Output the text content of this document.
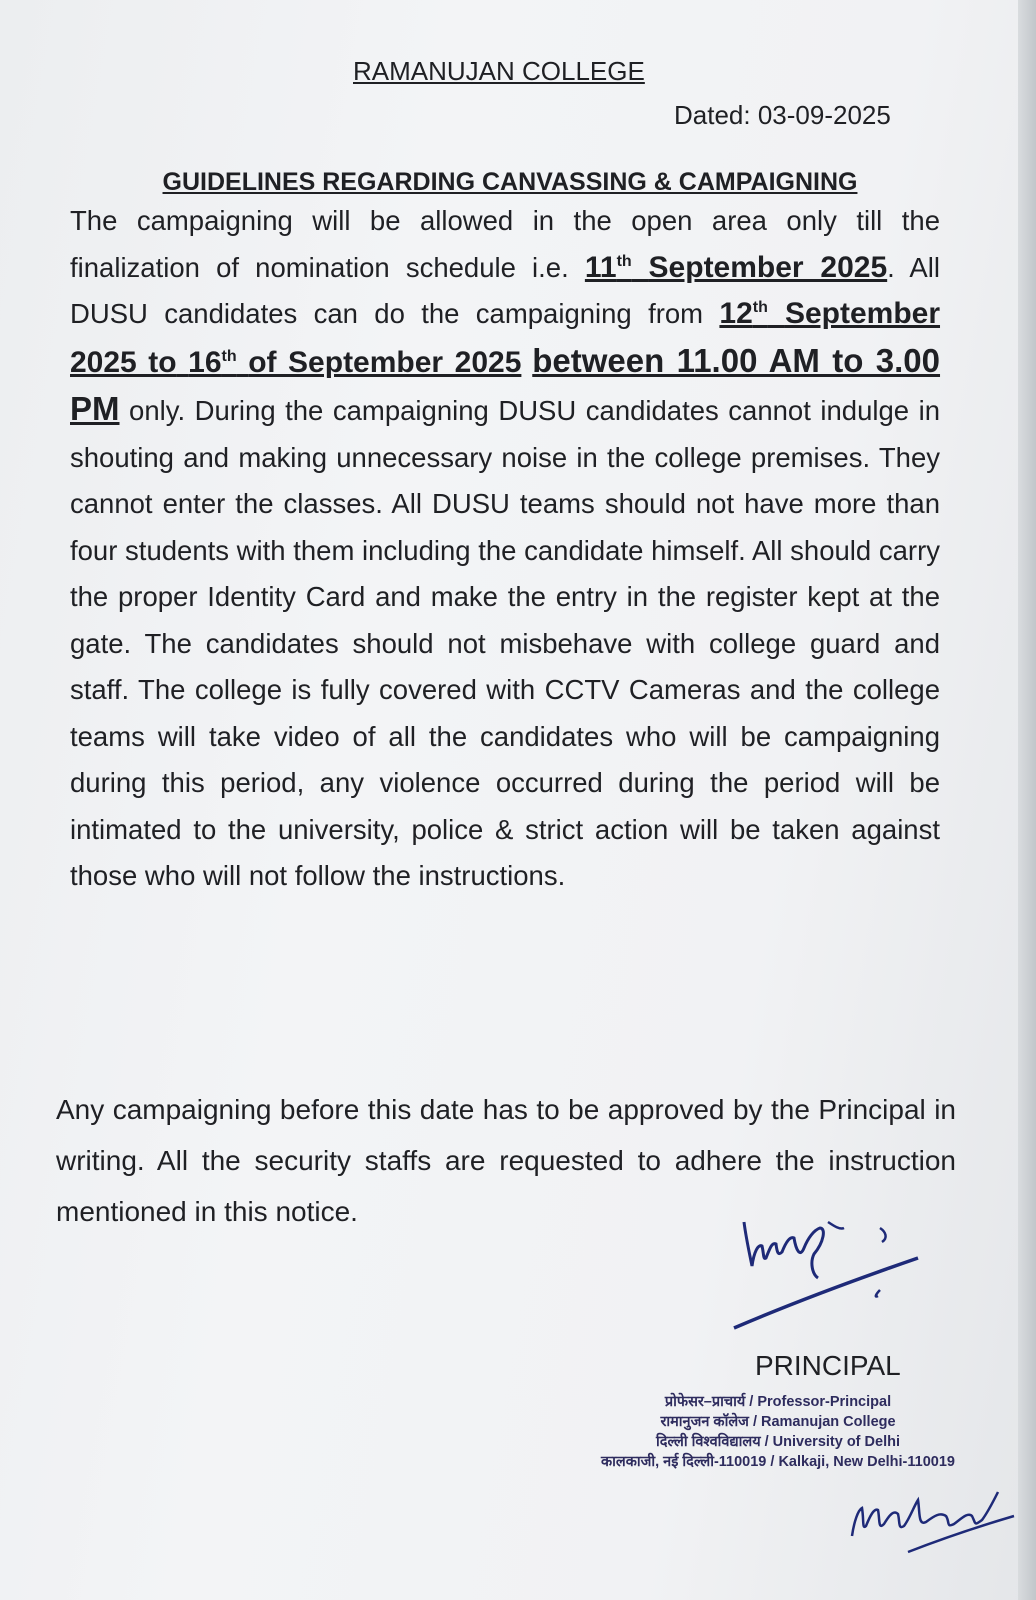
RAMANUJAN COLLEGE
Dated: 03-09-2025
GUIDELINES REGARDING CANVASSING & CAMPAIGNING
The campaigning will be allowed in the open area only till the finalization of nomination schedule i.e. 11th September 2025. All DUSU candidates can do the campaigning from 12th September 2025 to 16th of September 2025 between 11.00 AM to 3.00 PM only. During the campaigning DUSU candidates cannot indulge in shouting and making unnecessary noise in the college premises. They cannot enter the classes. All DUSU teams should not have more than four students with them including the candidate himself. All should carry the proper Identity Card and make the entry in the register kept at the gate. The candidates should not misbehave with college guard and staff. The college is fully covered with CCTV Cameras and the college teams will take video of all the candidates who will be campaigning during this period, any violence occurred during the period will be intimated to the university, police & strict action will be taken against those who will not follow the instructions.
Any campaigning before this date has to be approved by the Principal in writing. All the security staffs are requested to adhere the instruction mentioned in this notice.
PRINCIPAL
प्रोफेसर–प्राचार्य / Professor-Principal
रामानुजन कॉलेज / Ramanujan College
दिल्ली विश्वविद्यालय / University of Delhi
कालकाजी, नई दिल्ली-110019 / Kalkaji, New Delhi-110019
